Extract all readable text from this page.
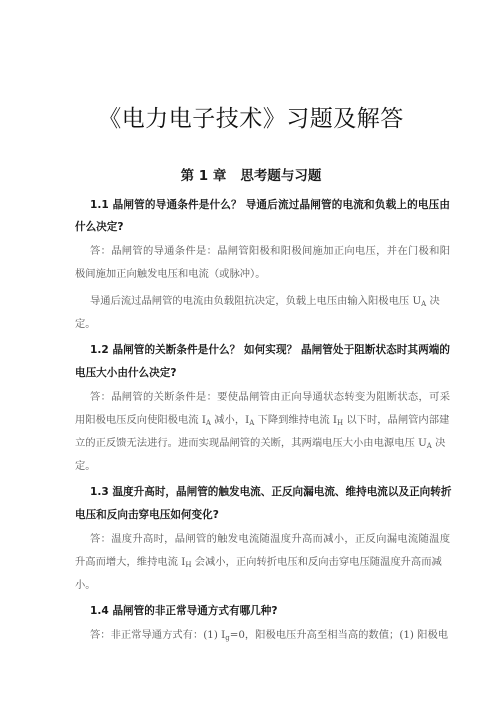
《电力电子技术》习题及解答
第 1 章 思考题与习题
1.1 晶闸管的导通条件是什么？ 导通后流过晶闸管的电流和负载上的电压由
什么决定?
答：晶闸管的导通条件是：晶闸管阳极和阳极间施加正向电压，并在门极和阳
极间施加正向触发电压和电流（或脉冲）。
导通后流过晶闸管的电流由负载阻抗决定，负载上电压由输入阳极电压 $U_A$ 决
定。
1.2 晶闸管的关断条件是什么？ 如何实现？ 晶闸管处于阻断状态时其两端的
电压大小由什么决定?
答：晶闸管的关断条件是：要使晶闸管由正向导通状态转变为阻断状态，可采
用阳极电压反向使阳极电流 $I_A$ 减小，$I_A$ 下降到维持电流 $I_H$ 以下时，晶闸管内部建
立的正反馈无法进行。进而实现晶闸管的关断，其两端电压大小由电源电压 $U_A$ 决
定。
1.3 温度升高时，晶闸管的触发电流、正反向漏电流、维持电流以及正向转折
电压和反向击穿电压如何变化?
答：温度升高时，晶闸管的触发电流随温度升高而减小，正反向漏电流随温度
升高而增大，维持电流 $I_H$ 会减小，正向转折电压和反向击穿电压随温度升高而减
小。
1.4 晶闸管的非正常导通方式有哪几种?
答：非正常导通方式有：(1) $I_g=0$，阳极电压升高至相当高的数值；(1) 阳极电
